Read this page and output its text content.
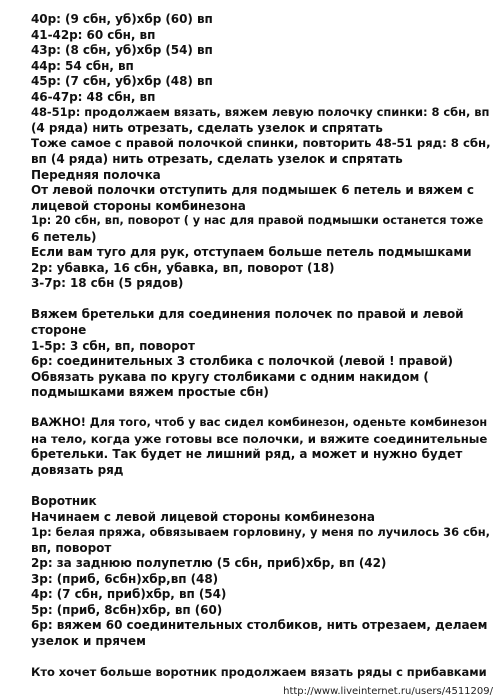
40р: (9 сбн, уб)хбр (60) вп
41-42р: 60 сбн, вп
43р: (8 сбн, уб)хбр (54) вп
44р: 54 сбн, вп
45р: (7 сбн, уб)хбр (48) вп
46-47р: 48 сбн, вп
48-51р: продолжаем вязать, вяжем левую полочку спинки: 8 сбн, вп
(4 ряда) нить отрезать, сделать узелок и спрятать
Тоже самое с правой полочкой спинки, повторить 48-51 ряд: 8 сбн,
вп (4 ряда) нить отрезать, сделать узелок и спрятать
Передняя полочка
От левой полочки отступить для подмышек 6 петель и вяжем с
лицевой стороны комбинезона
1р: 20 сбн, вп, поворот ( у нас для правой подмышки останется тоже
6 петель)
Если вам туго для рук, отступаем больше петель подмышками
2р: убавка, 16 сбн, убавка, вп, поворот (18)
3-7р: 18 сбн (5 рядов)
Вяжем бретельки для соединения полочек по правой и левой
стороне
1-5р: 3 сбн, вп, поворот
6р: соединительных 3 столбика с полочкой (левой ! правой)
Обвязать рукава по кругу столбиками с одним накидом (
подмышками вяжем простые сбн)
ВАЖНО! Для того, чтоб у вас сидел комбинезон, оденьте комбинезон
на тело, когда уже готовы все полочки, и вяжите соединительные
бретельки. Так будет не лишний ряд, а может и нужно будет
довязать ряд
Воротник
Начинаем с левой лицевой стороны комбинезона
1р: белая пряжа, обвязываем горловину, у меня по лучилось 36 сбн,
вп, поворот
2р: за заднюю полупетлю (5 сбн, приб)хбр, вп (42)
3р: (приб, 6сбн)хбр,вп (48)
4р: (7 сбн, приб)хбр, вп (54)
5р: (приб, 8сбн)хбр, вп (60)
6р: вяжем 60 соединительных столбиков, нить отрезаем, делаем
узелок и прячем
Кто хочет больше воротник продолжаем вязать ряды с прибавками
http://www.liveinternet.ru/users/4511209/
